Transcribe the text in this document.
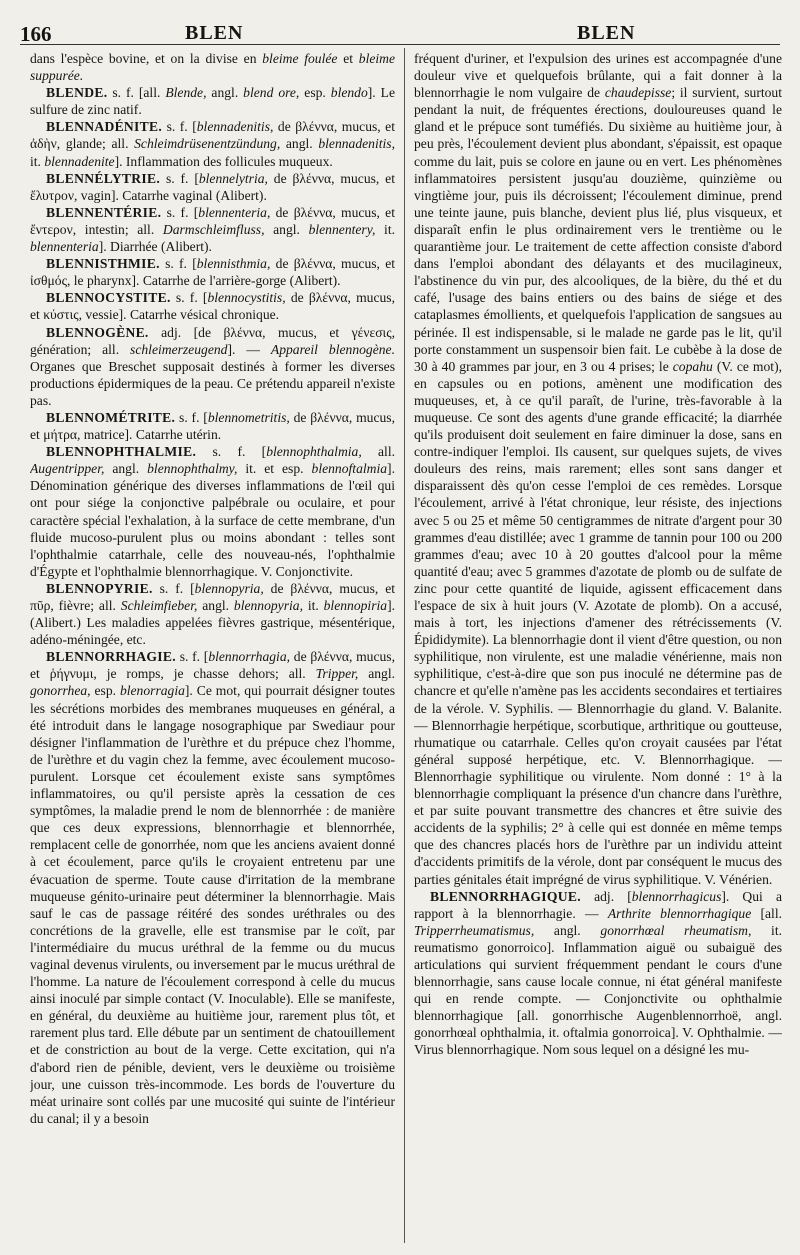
166	BLEN	BLEN

dans l'espèce bovine, et on la divise en bleime foulée et bleime suppurée.

BLENDE. s. f. [all. Blende, angl. blend ore, esp. blendo]. Le sulfure de zinc natif.

BLENNADÉNITE. s. f. [blennadenitis, de βλέννα, mucus, et ἀδὴν, glande; all. Schleimdrüsenentzündung, angl. blennadenitis, it. blennadenite]. Inflammation des follicules muqueux.

BLENNÉLYTRIE. s. f. [blennelytria, de βλέννα, mucus, et ἔλυτρον, vagin]. Catarrhe vaginal (Alibert).

BLENNENTÉRIE. s. f. [blennenteria, de βλέννα, mucus, et ἔντερον, intestin; all. Darmschleimfluss, angl. blennentery, it. blennenteria]. Diarrhée (Alibert).

BLENNISTHMIE. s. f. [blennisthmia, de βλέννα, mucus, et ἰσθμός, le pharynx]. Catarrhe de l'arrière-gorge (Alibert).

BLENNOCYSTITE. s. f. [blennocystitis, de βλέννα, mucus, et κύστις, vessie]. Catarrhe vésical chronique.

BLENNOGÈNE. adj. [de βλέννα, mucus, et γένεσις, génération; all. schleimerzeugend]. — Appareil blennogène. Organes que Breschet supposait destinés à former les diverses productions épidermiques de la peau. Ce prétendu appareil n'existe pas.

BLENNOMÉTRITE. s. f. [blennometritis, de βλέννα, mucus, et μήτρα, matrice]. Catarrhe utérin.

BLENNOPHTHALMIE. s. f. [blennophthalmia, all. Augentripper, angl. blennophthalmy, it. et esp. blennoftalmia]. Dénomination générique des diverses inflammations de l'œil qui ont pour siége la conjonctive palpébrale ou oculaire, et pour caractère spécial l'exhalation, à la surface de cette membrane, d'un fluide mucoso-purulent plus ou moins abondant : telles sont l'ophthalmie catarrhale, celle des nouveau-nés, l'ophthalmie d'Égypte et l'ophthalmie blennorrhagique. V. Conjonctivite.

BLENNOPYRIE. s. f. [blennopyria, de βλέννα, mucus, et πῦρ, fièvre; all. Schleimfieber, angl. blennopyria, it. blennopiria]. (Alibert.) Les maladies appelées fièvres gastrique, mésentérique, adéno-méningée, etc.

BLENNORRHAGIE. s. f. [blennorrhagia, de βλέννα, mucus, et ῥήγνυμι, je romps, je chasse dehors; all. Tripper, angl. gonorrhea, esp. blenorragia]. Ce mot, qui pourrait désigner toutes les sécrétions morbides des membranes muqueuses en général, a été introduit dans le langage nosographique par Swediaur pour désigner l'inflammation de l'urèthre et du prépuce chez l'homme, de l'urèthre et du vagin chez la femme, avec écoulement mucoso-purulent. Lorsque cet écoulement existe sans symptômes inflammatoires, ou qu'il persiste après la cessation de ces symptômes, la maladie prend le nom de blennorrhée : de manière que ces deux expressions, blennorrhagie et blennorrhée, remplacent celle de gonorrhée, nom que les anciens avaient donné à cet écoulement, parce qu'ils le croyaient entretenu par une évacuation de sperme. Toute cause d'irritation de la membrane muqueuse génito-urinaire peut déterminer la blennorrhagie. Mais sauf le cas de passage réitéré des sondes uréthrales ou des concrétions de la gravelle, elle est transmise par le coït, par l'intermédiaire du mucus uréthral de la femme ou du mucus vaginal devenus virulents, ou inversement par le mucus uréthral de l'homme. La nature de l'écoulement correspond à celle du mucus ainsi inoculé par simple contact (V. Inoculable). Elle se manifeste, en général, du deuxième au huitième jour, rarement plus tôt, et rarement plus tard. Elle débute par un sentiment de chatouillement et de constriction au bout de la verge. Cette excitation, qui n'a d'abord rien de pénible, devient, vers le deuxième ou troisième jour, une cuisson très-incommode. Les bords de l'ouverture du méat urinaire sont collés par une mucosité qui suinte de l'intérieur du canal; il y a besoin

fréquent d'uriner, et l'expulsion des urines est accompagnée d'une douleur vive et quelquefois brûlante, qui a fait donner à la blennorrhagie le nom vulgaire de chaudepisse; il survient, surtout pendant la nuit, de fréquentes érections, douloureuses quand le gland et le prépuce sont tuméfiés. Du sixième au huitième jour, à peu près, l'écoulement devient plus abondant, s'épaissit, est opaque comme du lait, puis se colore en jaune ou en vert. Les phénomènes inflammatoires persistent jusqu'au douzième, quinzième ou vingtième jour, puis ils décroissent; l'écoulement diminue, prend une teinte jaune, puis blanche, devient plus lié, plus visqueux, et disparaît enfin le plus ordinairement vers le trentième ou le quarantième jour. Le traitement de cette affection consiste d'abord dans l'emploi abondant des délayants et des mucilagineux, l'abstinence du vin pur, des alcooliques, de la bière, du thé et du café, l'usage des bains entiers ou des bains de siége et des cataplasmes émollients, et quelquefois l'application de sangsues au périnée. Il est indispensable, si le malade ne garde pas le lit, qu'il porte constamment un suspensoir bien fait. Le cubèbe à la dose de 30 à 40 grammes par jour, en 3 ou 4 prises; le copahu (V. ce mot), en capsules ou en potions, amènent une modification des muqueuses, et, à ce qu'il paraît, de l'urine, très-favorable à la muqueuse. Ce sont des agents d'une grande efficacité; la diarrhée qu'ils produisent doit seulement en faire diminuer la dose, sans en contre-indiquer l'emploi. Ils causent, sur quelques sujets, de vives douleurs des reins, mais rarement; elles sont sans danger et disparaissent dès qu'on cesse l'emploi de ces remèdes. Lorsque l'écoulement, arrivé à l'état chronique, leur résiste, des injections avec 5 ou 25 et même 50 centigrammes de nitrate d'argent pour 30 grammes d'eau distillée; avec 1 gramme de tannin pour 100 ou 200 grammes d'eau; avec 10 à 20 gouttes d'alcool pour la même quantité d'eau; avec 5 grammes d'azotate de plomb ou de sulfate de zinc pour cette quantité de liquide, agissent efficacement dans l'espace de six à huit jours (V. Azotate de plomb). On a accusé, mais à tort, les injections d'amener des rétrécissements (V. Épididymite). La blennorrhagie dont il vient d'être question, ou non syphilitique, non virulente, est une maladie vénérienne, mais non syphilitique, c'est-à-dire que son pus inoculé ne détermine pas de chancre et qu'elle n'amène pas les accidents secondaires et tertiaires de la vérole. V. Syphilis. — Blennorrhagie du gland. V. Balanite. — Blennorrhagie herpétique, scorbutique, arthritique ou goutteuse, rhumatique ou catarrhale. Celles qu'on croyait causées par l'état général supposé herpétique, etc. V. Blennorrhagique. — Blennorrhagie syphilitique ou virulente. Nom donné : 1° à la blennorrhagie compliquant la présence d'un chancre dans l'urèthre, et par suite pouvant transmettre des chancres et être suivie des accidents de la syphilis; 2° à celle qui est donnée en même temps que des chancres placés hors de l'urèthre par un individu atteint d'accidents primitifs de la vérole, dont par conséquent le mucus des parties génitales était imprégné de virus syphilitique. V. Vénérien.

BLENNORRHAGIQUE. adj. [blennorrhagicus]. Qui a rapport à la blennorrhagie. — Arthrite blennorrhagique [all. Tripperrheumatismus, angl. gonorrhœal rheumatism, it. reumatismo gonorroico]. Inflammation aiguë ou subaiguë des articulations qui survient fréquemment pendant le cours d'une blennorrhagie, sans cause locale connue, ni état général manifeste qui en rende compte. — Conjonctivite ou ophthalmie blennorrhagique [all. gonorrhische Augenblennorrhoë, angl. gonorrhœal ophthalmia, it. oftalmia gonorroica]. V. Ophthalmie. — Virus blennorrhagique. Nom sous lequel on a désigné les mu-
